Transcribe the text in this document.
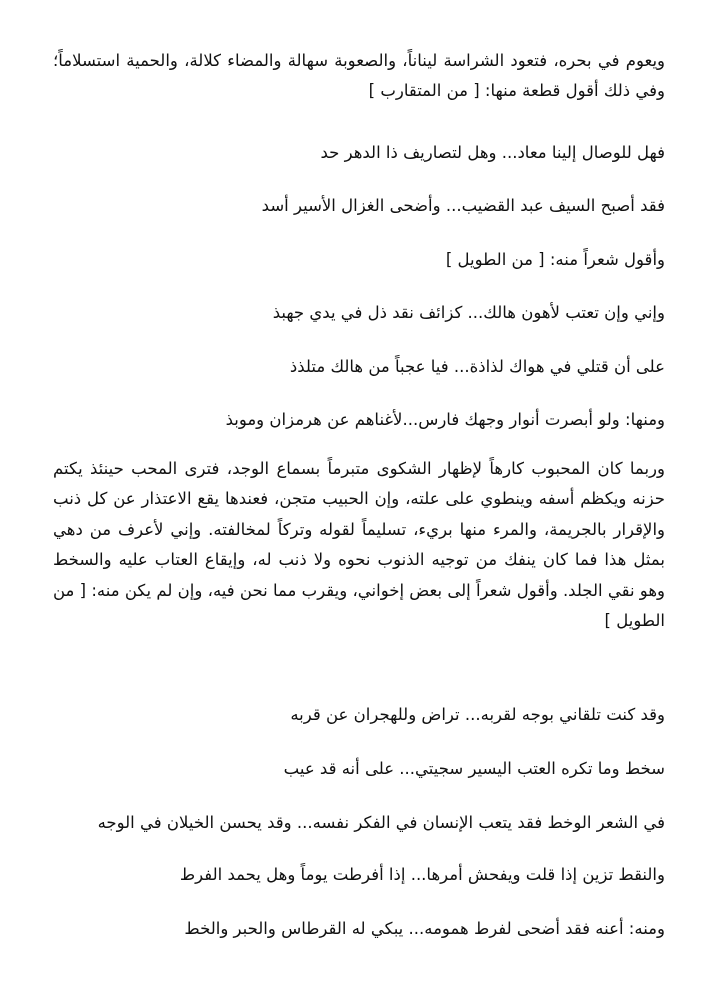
ويعوم في بحره، فتعود الشراسة ليناناً، والصعوبة سهالة والمضاء كلالة، والحمية استسلاماً؛ وفي ذلك أقول قطعة منها: [ من المتقارب ]

فهل للوصال إلينا معاد... وهل لتصاريف ذا الدهر حد

فقد أصبح السيف عبد القضيب... وأضحى الغزال الأسير أسد

وأقول شعراً منه: [ من الطويل ]

وإني وإن تعتب لأهون هالك... كزائف نقد ذل في يدي جهبذ

على أن قتلي في هواك لذاذة... فيا عجباً من هالك متلذذ

ومنها: ولو أبصرت أنوار وجهك فارس...لأغناهم عن هرمزان وموبذ

وربما كان المحبوب كارهاً لإظهار الشكوى متبرماً بسماع الوجد، فترى المحب حينئذ يكتم حزنه ويكظم أسفه وينطوي على علته، وإن الحبيب متجن، فعندها يقع الاعتذار عن كل ذنب والإقرار بالجريمة، والمرء منها بريء، تسليماً لقوله وتركاً لمخالفته. وإني لأعرف من دهي بمثل هذا فما كان ينفك من توجيه الذنوب نحوه ولا ذنب له، وإيقاع العتاب عليه والسخط وهو نقي الجلد. وأقول شعراً إلى بعض إخواني، ويقرب مما نحن فيه، وإن لم يكن منه: [ من الطويل ]

وقد كنت تلقاني بوجه لقربه... تراض وللهجران عن قربه

سخط وما تكره العتب اليسير سجيتي... على أنه قد عيب

في الشعر الوخط فقد يتعب الإنسان في الفكر نفسه... وقد يحسن الخيلان في الوجه

والنقط تزين إذا قلت ويفحش أمرها... إذا أفرطت يوماً وهل يحمد الفرط

ومنه: أعنه فقد أضحى لفرط همومه... يبكي له القرطاس والحبر والخط
